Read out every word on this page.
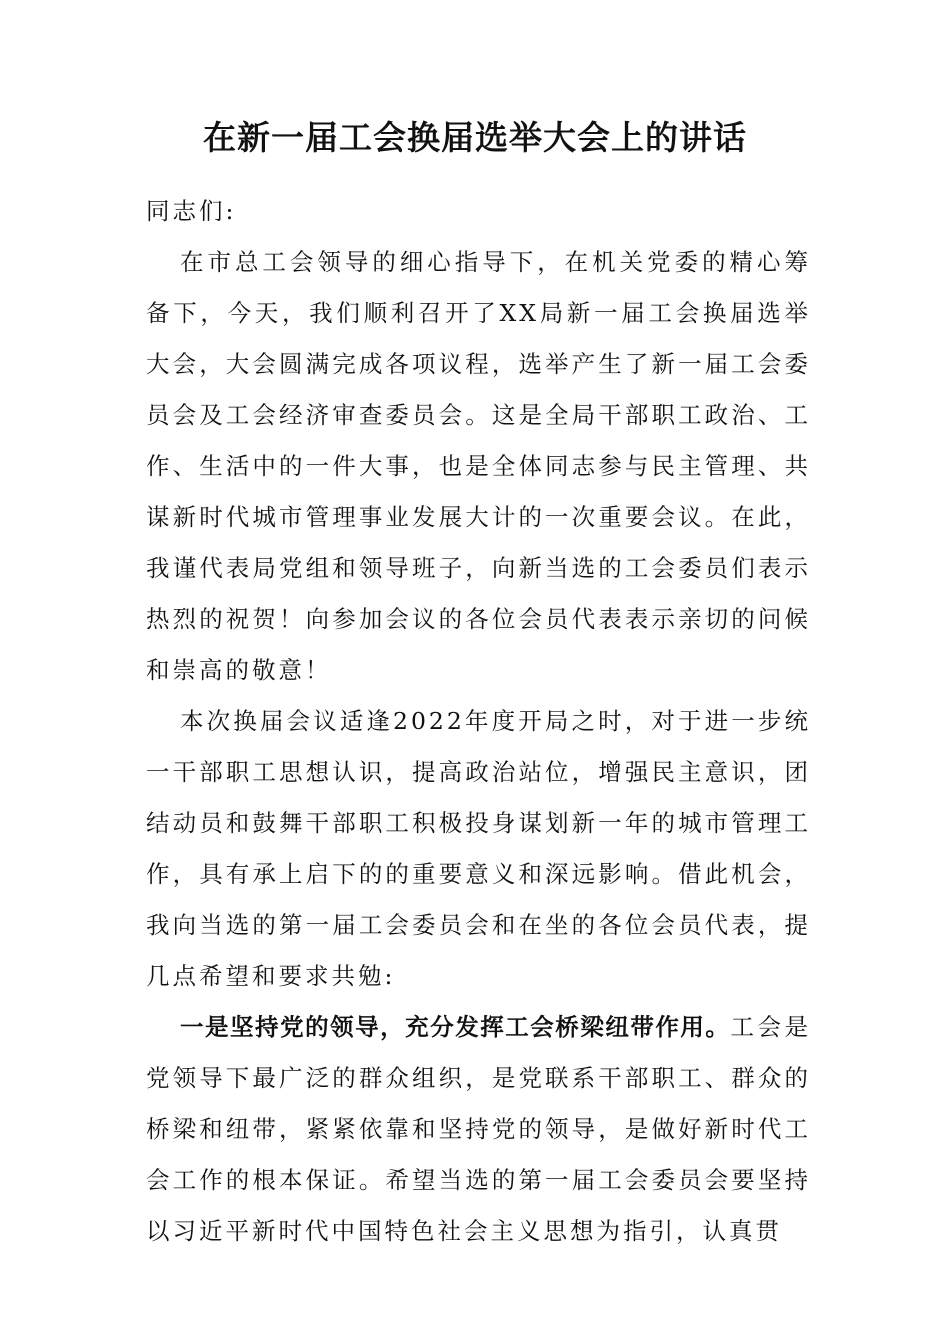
在新一届工会换届选举大会上的讲话

同志们:

在市总工会领导的细心指导下，在机关党委的精心筹备下，今天，我们顺利召开了XX局新一届工会换届选举大会，大会圆满完成各项议程，选举产生了新一届工会委员会及工会经济审查委员会。这是全局干部职工政治、工作、生活中的一件大事，也是全体同志参与民主管理、共谋新时代城市管理事业发展大计的一次重要会议。在此，我谨代表局党组和领导班子，向新当选的工会委员们表示热烈的祝贺！向参加会议的各位会员代表表示亲切的问候和崇高的敬意！

本次换届会议适逢2022年度开局之时，对于进一步统一干部职工思想认识，提高政治站位，增强民主意识，团结动员和鼓舞干部职工积极投身谋划新一年的城市管理工作，具有承上启下的的重要意义和深远影响。借此机会，我向当选的第一届工会委员会和在坐的各位会员代表，提几点希望和要求共勉:

一是坚持党的领导，充分发挥工会桥梁纽带作用。工会是党领导下最广泛的群众组织，是党联系干部职工、群众的桥梁和纽带，紧紧依靠和坚持党的领导，是做好新时代工会工作的根本保证。希望当选的第一届工会委员会要坚持以习近平新时代中国特色社会主义思想为指引，认真贯
